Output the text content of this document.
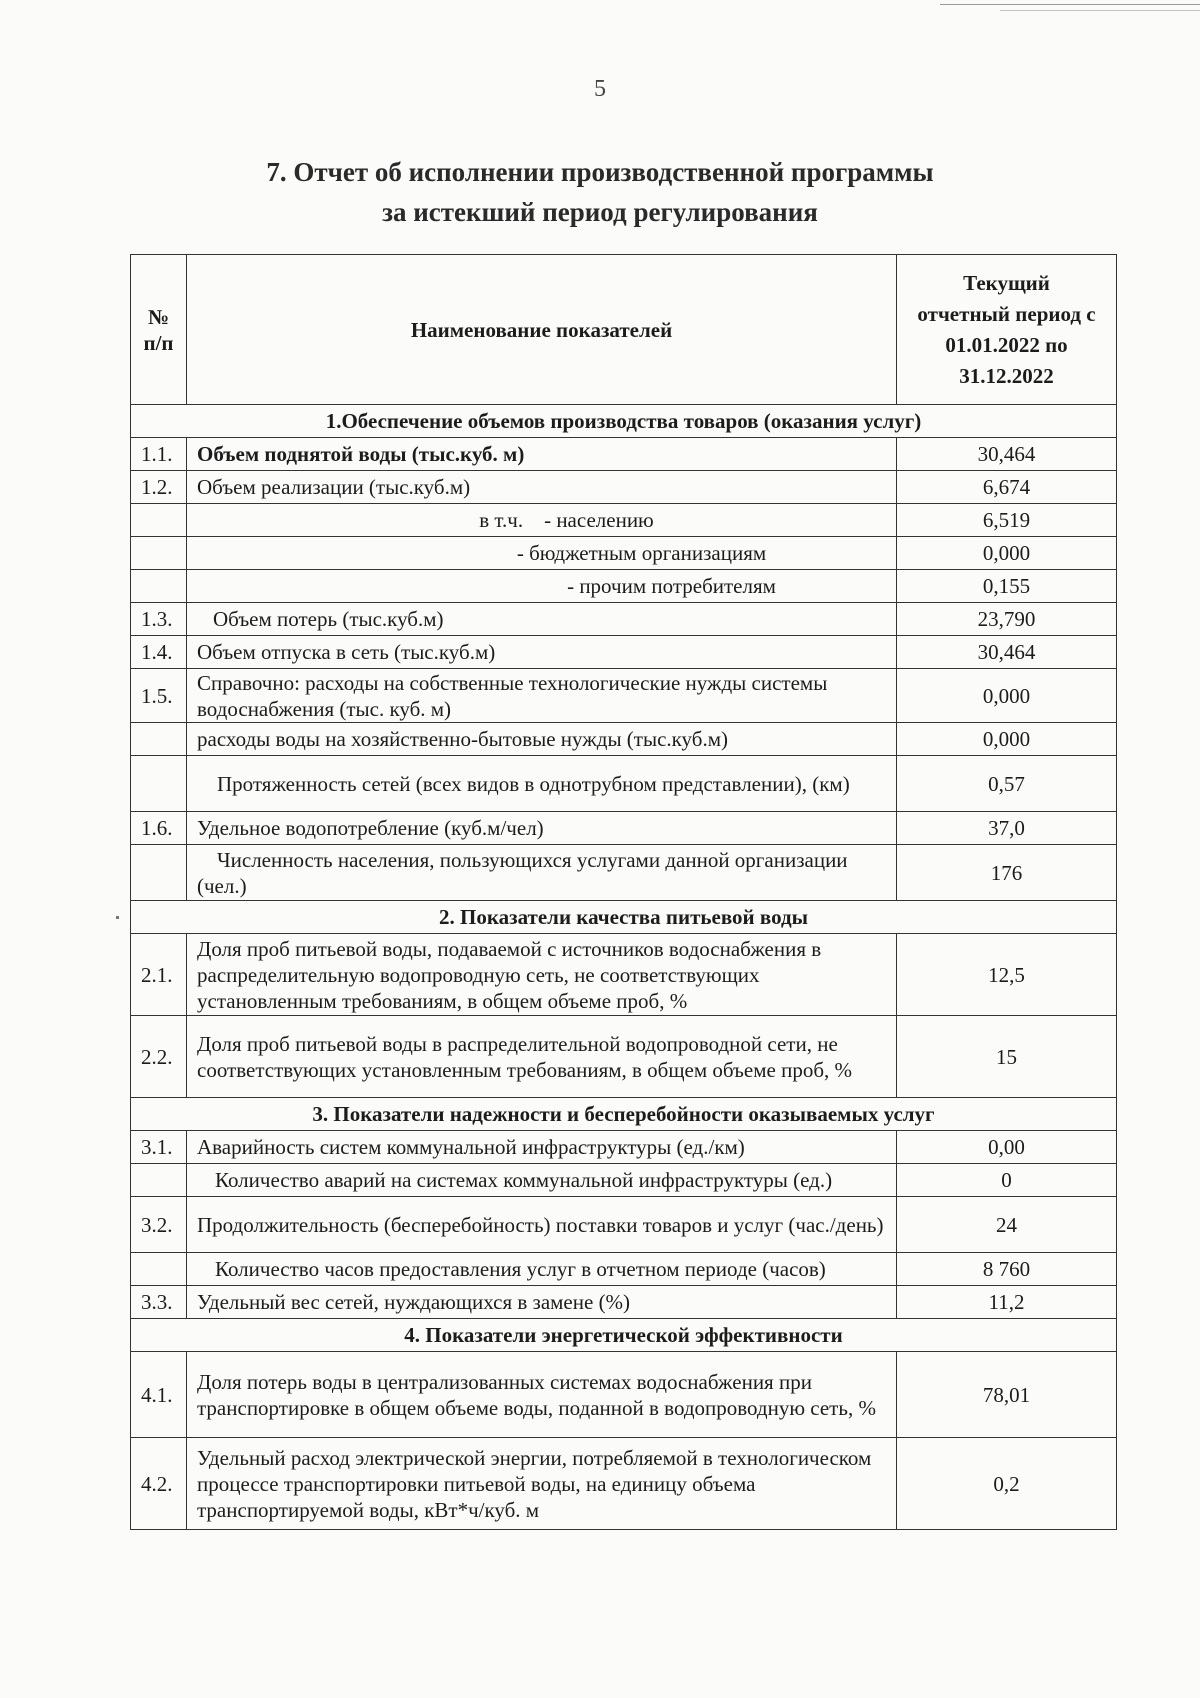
5
7. Отчет об исполнении производственной программы
за истекший период регулирования
№ п/п	Наименование показателей	Текущий отчетный период с 01.01.2022 по 31.12.2022
1.Обеспечение объемов производства товаров (оказания услуг)		
1.1.	Объем поднятой воды (тыс.куб. м)	30,464
1.2.	Объем реализации (тыс.куб.м)	6,674
	в т.ч.    - населению	6,519
	- бюджетным организациям	0,000
	- прочим потребителям	0,155
1.3.	Объем потерь (тыс.куб.м)	23,790
1.4.	Объем отпуска в сеть (тыс.куб.м)	30,464
1.5.	Справочно: расходы на собственные технологические нужды системы водоснабжения (тыс. куб. м)	0,000
	расходы воды на хозяйственно-бытовые нужды (тыс.куб.м)	0,000
	Протяженность сетей (всех видов в однотрубном представлении), (км)	0,57
1.6.	Удельное водопотребление (куб.м/чел)	37,0
	Численность населения, пользующихся услугами данной организации (чел.)	176
2. Показатели качества питьевой воды		
2.1.	Доля проб питьевой воды, подаваемой с источников водоснабжения в распределительную водопроводную сеть, не соответствующих установленным требованиям, в общем объеме проб, %	12,5
2.2.	Доля проб питьевой воды в распределительной водопроводной сети, не соответствующих установленным требованиям, в общем объеме проб, %	15
3. Показатели надежности и бесперебойности оказываемых услуг		
3.1.	Аварийность систем коммунальной инфраструктуры (ед./км)	0,00
	Количество аварий на системах коммунальной инфраструктуры (ед.)	0
3.2.	Продолжительность (бесперебойность) поставки товаров и услуг (час./день)	24
	Количество часов предоставления услуг в отчетном периоде (часов)	8 760
3.3.	Удельный вес сетей, нуждающихся в замене (%)	11,2
4. Показатели энергетической эффективности		
4.1.	Доля потерь воды в централизованных системах водоснабжения при транспортировке в общем объеме воды, поданной в водопроводную сеть, %	78,01
4.2.	Удельный расход электрической энергии, потребляемой в технологическом процессе транспортировки питьевой воды, на единицу объема транспортируемой воды, кВт*ч/куб. м	0,2
